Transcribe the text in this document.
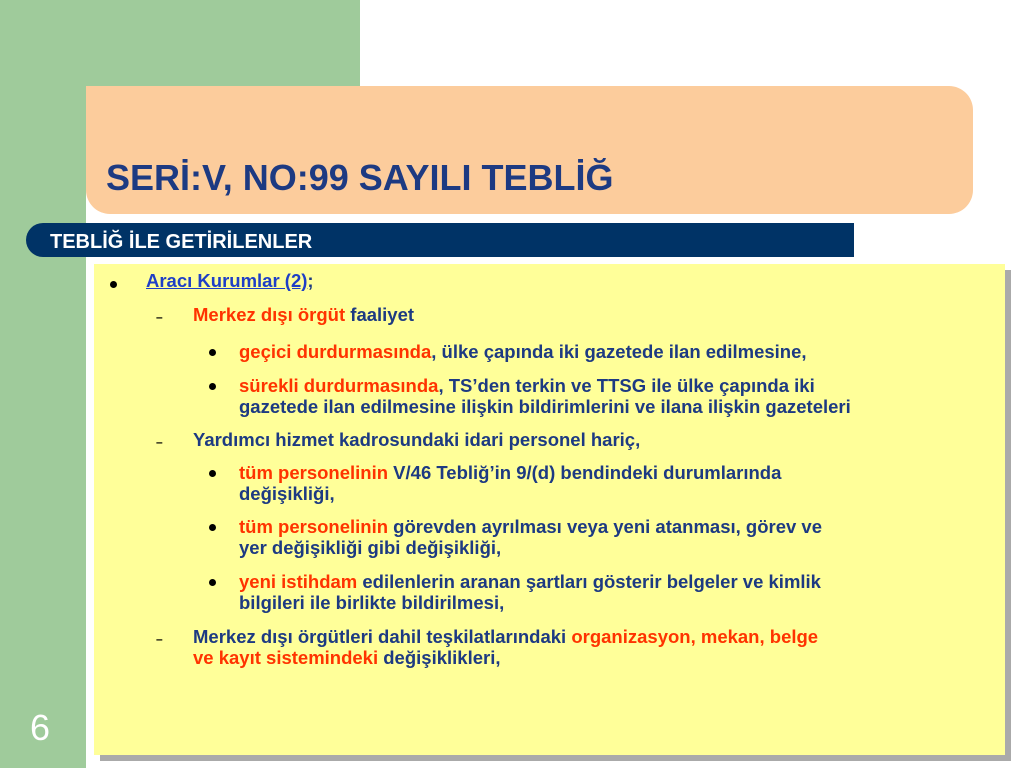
SERİ:V, NO:99 SAYILI TEBLİĞ
TEBLİĞ İLE GETİRİLENLER
Aracı Kurumlar (2);
– Merkez dışı örgüt faaliyet
geçici durdurmasında, ülke çapında iki gazetede ilan edilmesine,
sürekli durdurmasında, TS’den terkin ve TTSG ile ülke çapında iki
gazetede ilan edilmesine ilişkin bildirimlerini ve ilana ilişkin gazeteleri
– Yardımcı hizmet kadrosundaki idari personel hariç,
tüm personelinin V/46 Tebliğ’in 9/(d) bendindeki durumlarında
değişikliği,
tüm personelinin görevden ayrılması veya yeni atanması, görev ve
yer değişikliği gibi değişikliği,
yeni istihdam edilenlerin aranan şartları gösterir belgeler ve kimlik
bilgileri ile birlikte bildirilmesi,
– Merkez dışı örgütleri dahil teşkilatlarındaki organizasyon, mekan, belge
ve kayıt sistemindeki değişiklikleri,
6
